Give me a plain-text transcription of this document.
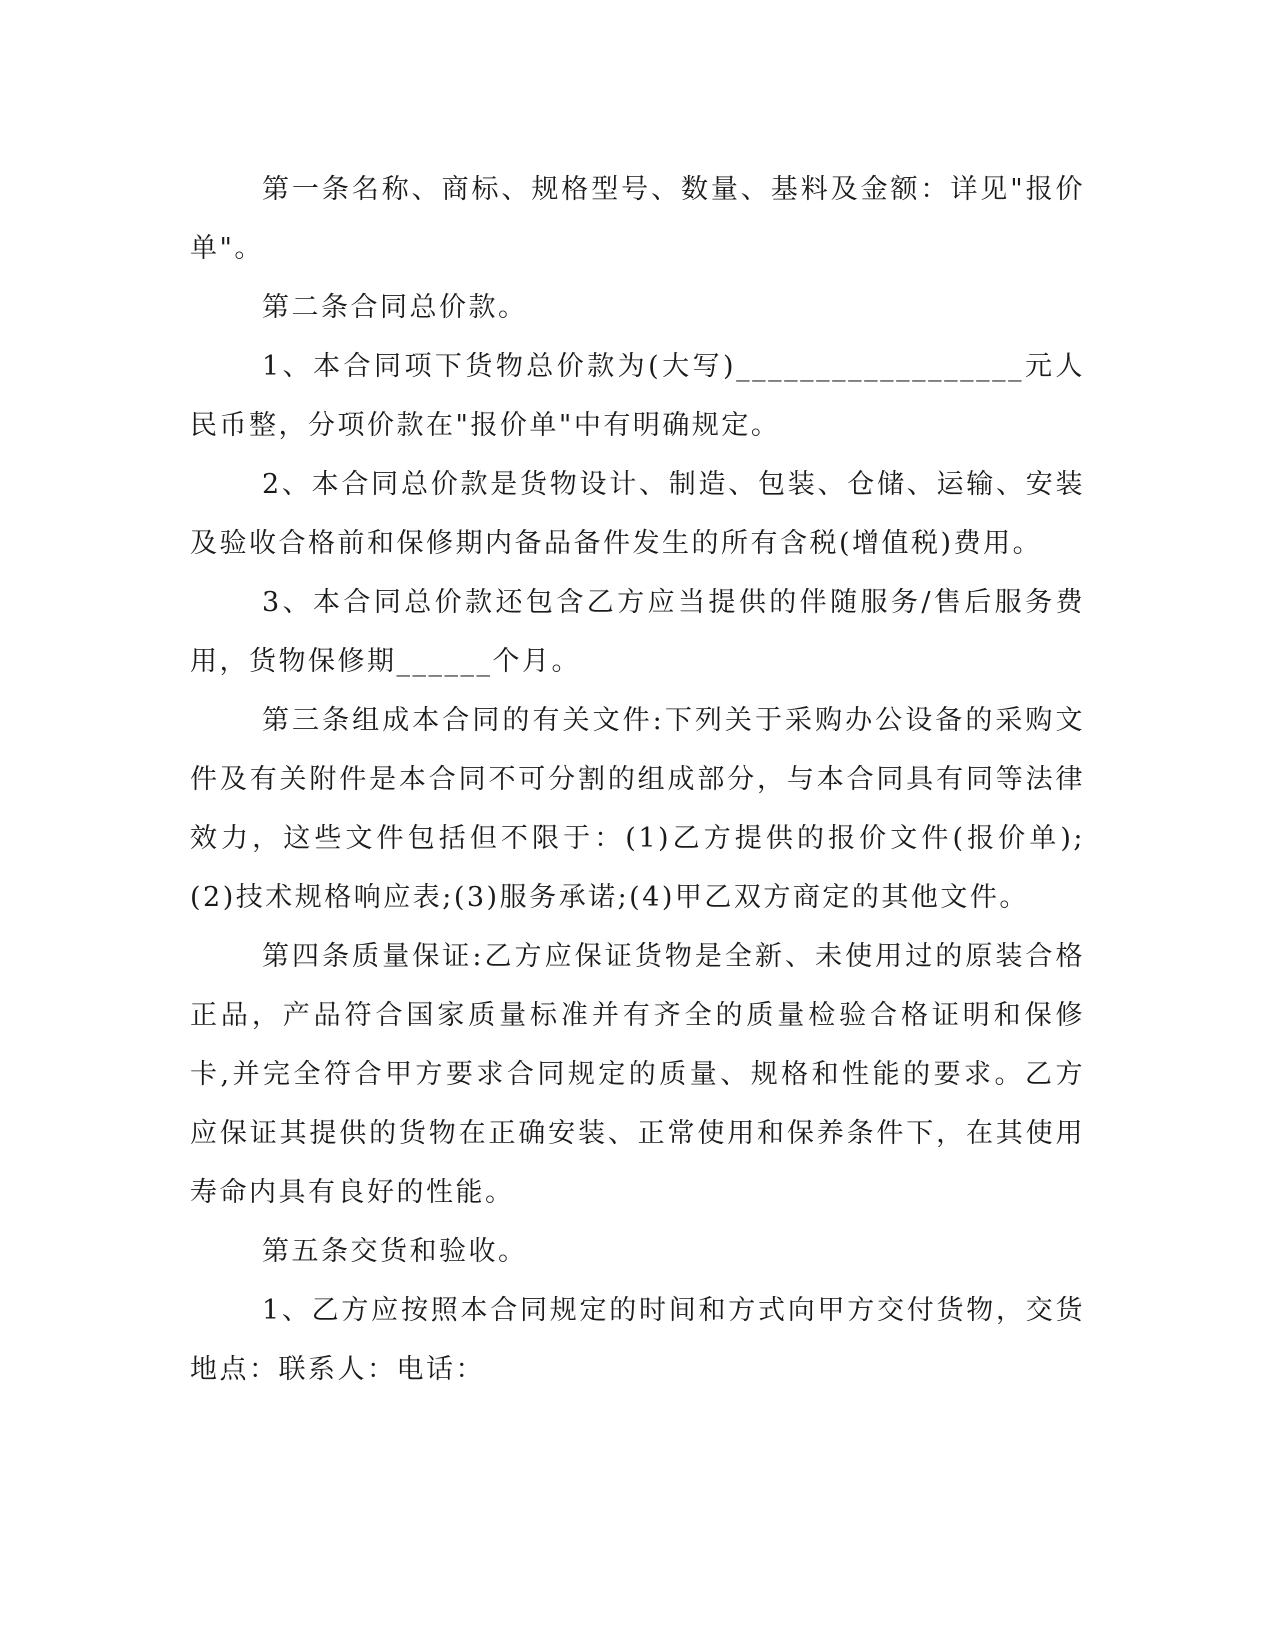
第一条名称、商标、规格型号、数量、基料及金额：详见"报价单"。

第二条合同总价款。

1、本合同项下货物总价款为(大写)__________________元人民币整，分项价款在"报价单"中有明确规定。

2、本合同总价款是货物设计、制造、包装、仓储、运输、安装及验收合格前和保修期内备品备件发生的所有含税(增值税)费用。

3、本合同总价款还包含乙方应当提供的伴随服务/售后服务费用，货物保修期______个月。

第三条组成本合同的有关文件:下列关于采购办公设备的采购文件及有关附件是本合同不可分割的组成部分，与本合同具有同等法律效力，这些文件包括但不限于：(1)乙方提供的报价文件(报价单);(2)技术规格响应表;(3)服务承诺;(4)甲乙双方商定的其他文件。

第四条质量保证:乙方应保证货物是全新、未使用过的原装合格正品，产品符合国家质量标准并有齐全的质量检验合格证明和保修卡,并完全符合甲方要求合同规定的质量、规格和性能的要求。乙方应保证其提供的货物在正确安装、正常使用和保养条件下，在其使用寿命内具有良好的性能。

第五条交货和验收。

1、乙方应按照本合同规定的时间和方式向甲方交付货物，交货地点：联系人：电话：
